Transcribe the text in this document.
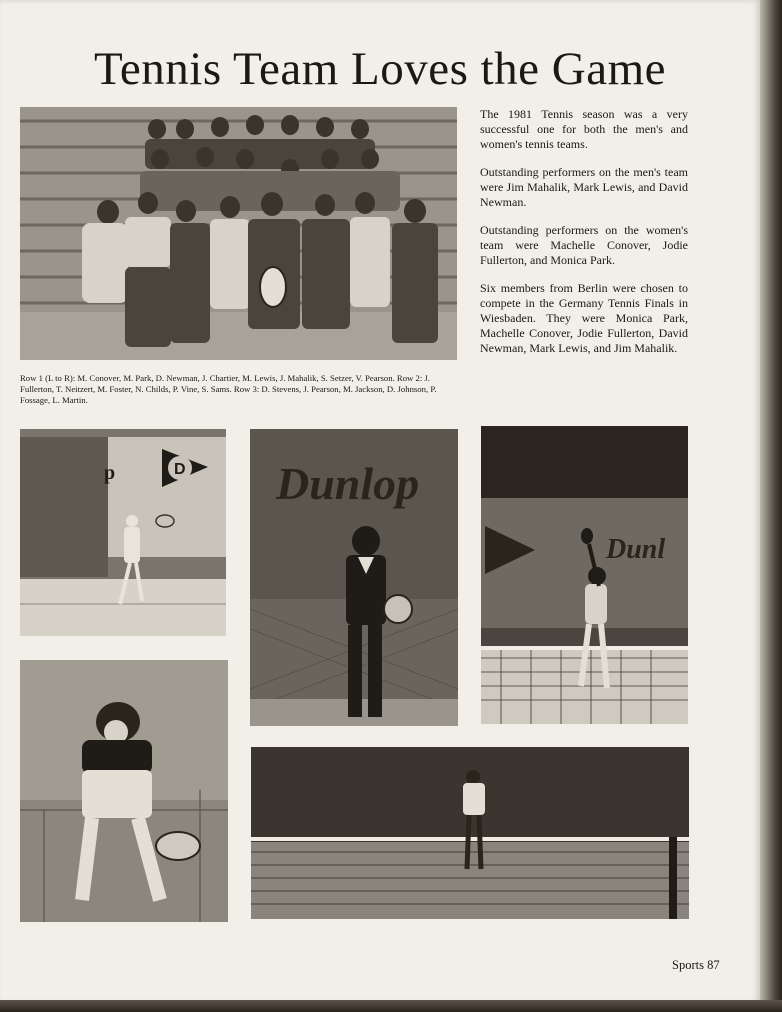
Tennis Team Loves the Game
Row 1 (L to R): M. Conover, M. Park, D. Newman, J. Chartier, M. Lewis, J. Mahalik, S. Setzer, V. Pearson. Row 2: J. Fullerton, T. Neitzert, M. Foster, N. Childs, P. Vine, S. Sams. Row 3: D. Stevens, J. Pearson, M. Jackson, D. Johnson, P. Fossage, L. Martin.

The 1981 Tennis season was a very successful one for both the men's and women's tennis teams.

Outstanding performers on the men's team were Jim Mahalik, Mark Lewis, and David Newman.

Outstanding performers on the women's team were Machelle Conover, Jodie Fullerton, and Monica Park.

Six members from Berlin were chosen to compete in the Germany Tennis Finals in Wiesbaden. They were Monica Park, Machelle Conover, Jodie Fullerton, David Newman, Mark Lewis, and Jim Mahalik.

D
p	Dunlop
Dunl
Sports 87
